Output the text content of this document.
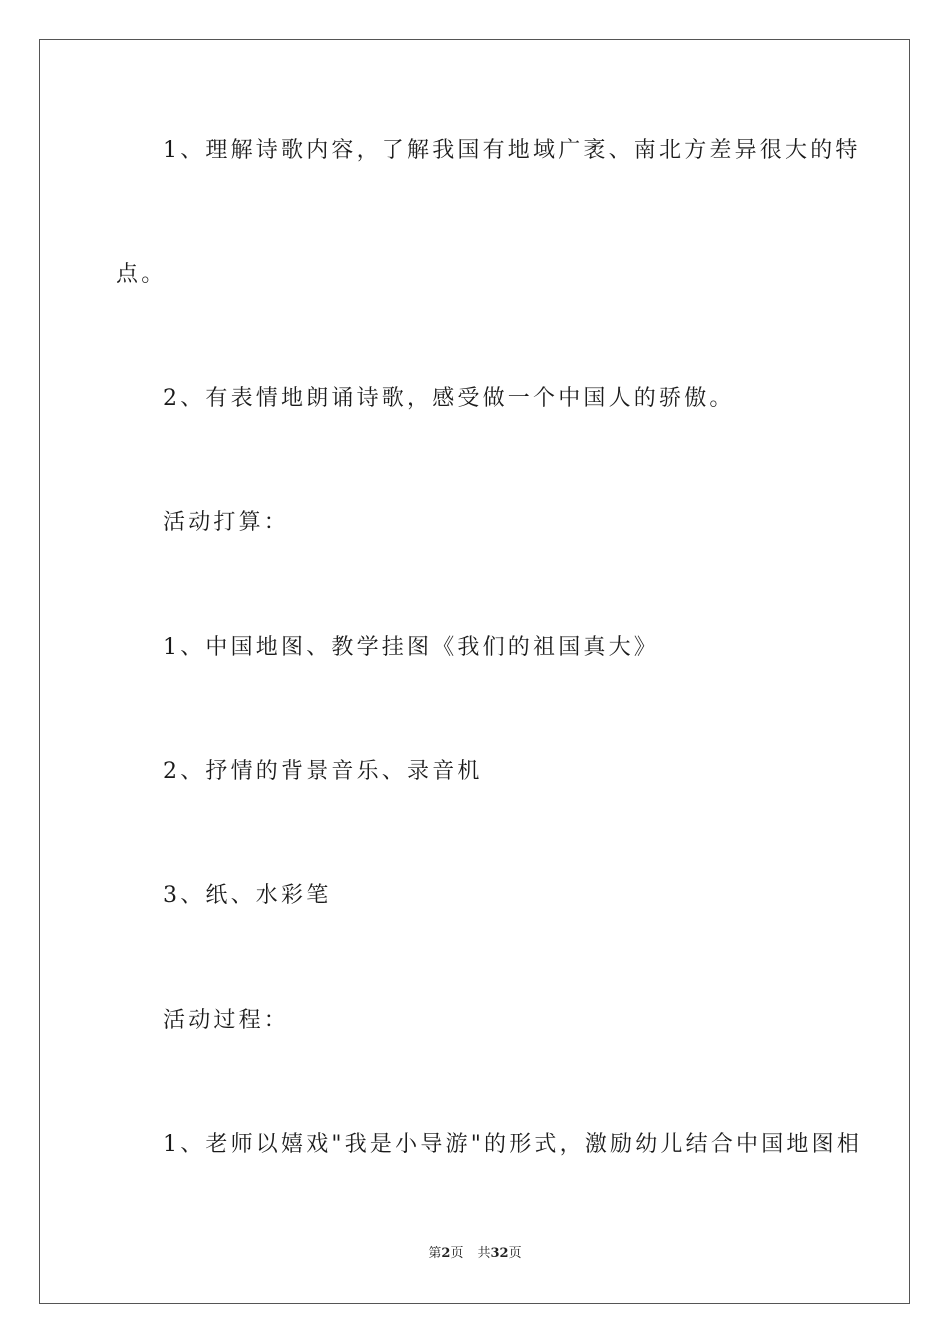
1、理解诗歌内容，了解我国有地域广袤、南北方差异很大的特
点。
2、有表情地朗诵诗歌，感受做一个中国人的骄傲。
活动打算：
1、中国地图、教学挂图《我们的祖国真大》
2、抒情的背景音乐、录音机
3、纸、水彩笔
活动过程：
1、老师以嬉戏"我是小导游"的形式，激励幼儿结合中国地图相
第2页 共32页
